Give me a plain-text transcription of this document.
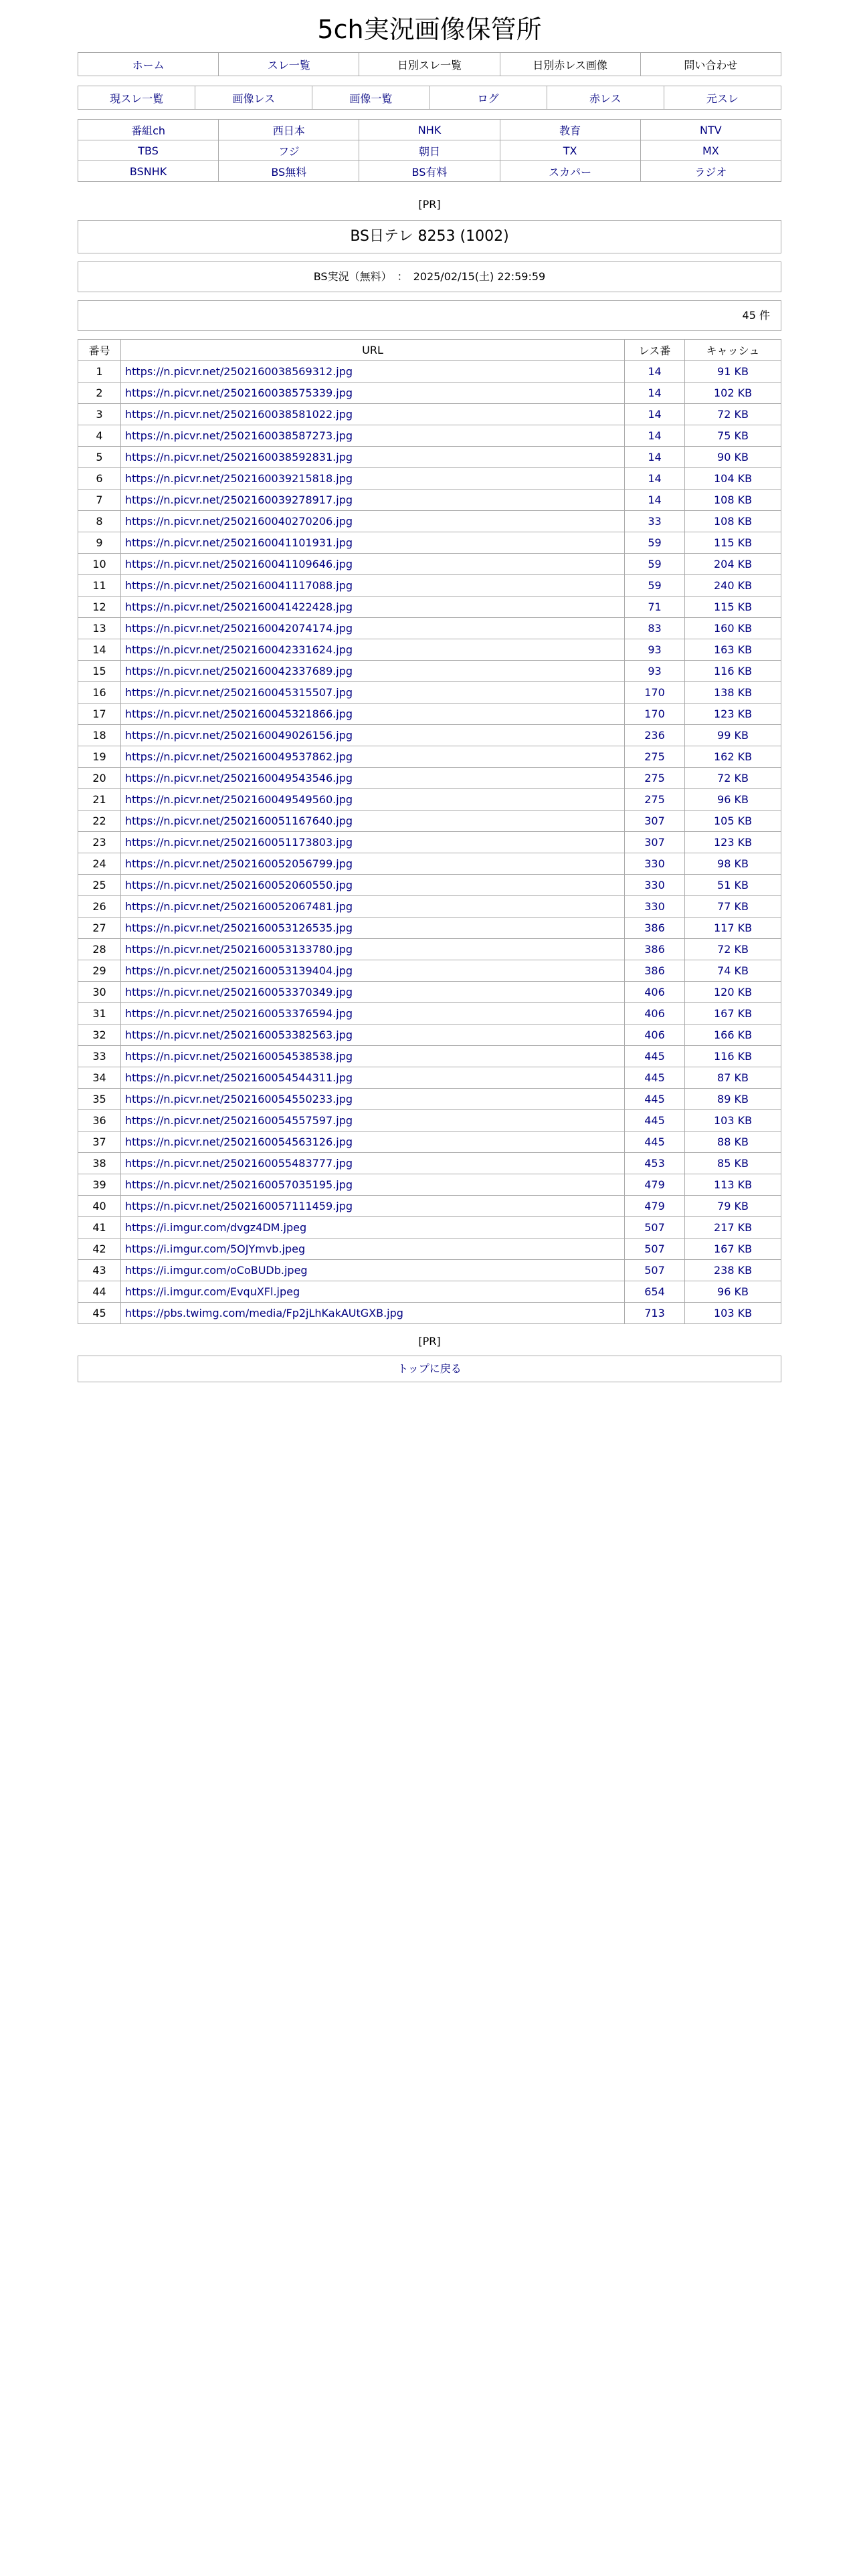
5ch実況画像保管所
ホーム	スレ一覧	日別スレ一覧	日別赤レス画像	問い合わせ
現スレ一覧	画像レス	画像一覧	ログ	赤レス	元スレ
番組ch	西日本	NHK	教育	NTV
TBS	フジ	朝日	TX	MX
BSNHK	BS無料	BS有料	スカパー	ラジオ
[PR]
BS日テレ 8253 (1002)
BS実況（無料）　：　2025/02/15(土) 22:59:59
45 件
番号	URL	レス番	キャッシュ
1	https://n.picvr.net/2502160038569312.jpg	14	91 KB
2	https://n.picvr.net/2502160038575339.jpg	14	102 KB
3	https://n.picvr.net/2502160038581022.jpg	14	72 KB
4	https://n.picvr.net/2502160038587273.jpg	14	75 KB
5	https://n.picvr.net/2502160038592831.jpg	14	90 KB
6	https://n.picvr.net/2502160039215818.jpg	14	104 KB
7	https://n.picvr.net/2502160039278917.jpg	14	108 KB
8	https://n.picvr.net/2502160040270206.jpg	33	108 KB
9	https://n.picvr.net/2502160041101931.jpg	59	115 KB
10	https://n.picvr.net/2502160041109646.jpg	59	204 KB
11	https://n.picvr.net/2502160041117088.jpg	59	240 KB
12	https://n.picvr.net/2502160041422428.jpg	71	115 KB
13	https://n.picvr.net/2502160042074174.jpg	83	160 KB
14	https://n.picvr.net/2502160042331624.jpg	93	163 KB
15	https://n.picvr.net/2502160042337689.jpg	93	116 KB
16	https://n.picvr.net/2502160045315507.jpg	170	138 KB
17	https://n.picvr.net/2502160045321866.jpg	170	123 KB
18	https://n.picvr.net/2502160049026156.jpg	236	99 KB
19	https://n.picvr.net/2502160049537862.jpg	275	162 KB
20	https://n.picvr.net/2502160049543546.jpg	275	72 KB
21	https://n.picvr.net/2502160049549560.jpg	275	96 KB
22	https://n.picvr.net/2502160051167640.jpg	307	105 KB
23	https://n.picvr.net/2502160051173803.jpg	307	123 KB
24	https://n.picvr.net/2502160052056799.jpg	330	98 KB
25	https://n.picvr.net/2502160052060550.jpg	330	51 KB
26	https://n.picvr.net/2502160052067481.jpg	330	77 KB
27	https://n.picvr.net/2502160053126535.jpg	386	117 KB
28	https://n.picvr.net/2502160053133780.jpg	386	72 KB
29	https://n.picvr.net/2502160053139404.jpg	386	74 KB
30	https://n.picvr.net/2502160053370349.jpg	406	120 KB
31	https://n.picvr.net/2502160053376594.jpg	406	167 KB
32	https://n.picvr.net/2502160053382563.jpg	406	166 KB
33	https://n.picvr.net/2502160054538538.jpg	445	116 KB
34	https://n.picvr.net/2502160054544311.jpg	445	87 KB
35	https://n.picvr.net/2502160054550233.jpg	445	89 KB
36	https://n.picvr.net/2502160054557597.jpg	445	103 KB
37	https://n.picvr.net/2502160054563126.jpg	445	88 KB
38	https://n.picvr.net/2502160055483777.jpg	453	85 KB
39	https://n.picvr.net/2502160057035195.jpg	479	113 KB
40	https://n.picvr.net/2502160057111459.jpg	479	79 KB
41	https://i.imgur.com/dvgz4DM.jpeg	507	217 KB
42	https://i.imgur.com/5OJYmvb.jpeg	507	167 KB
43	https://i.imgur.com/oCoBUDb.jpeg	507	238 KB
44	https://i.imgur.com/EvquXFl.jpeg	654	96 KB
45	https://pbs.twimg.com/media/Fp2jLhKakAUtGXB.jpg	713	103 KB
[PR]
トップに戻る
